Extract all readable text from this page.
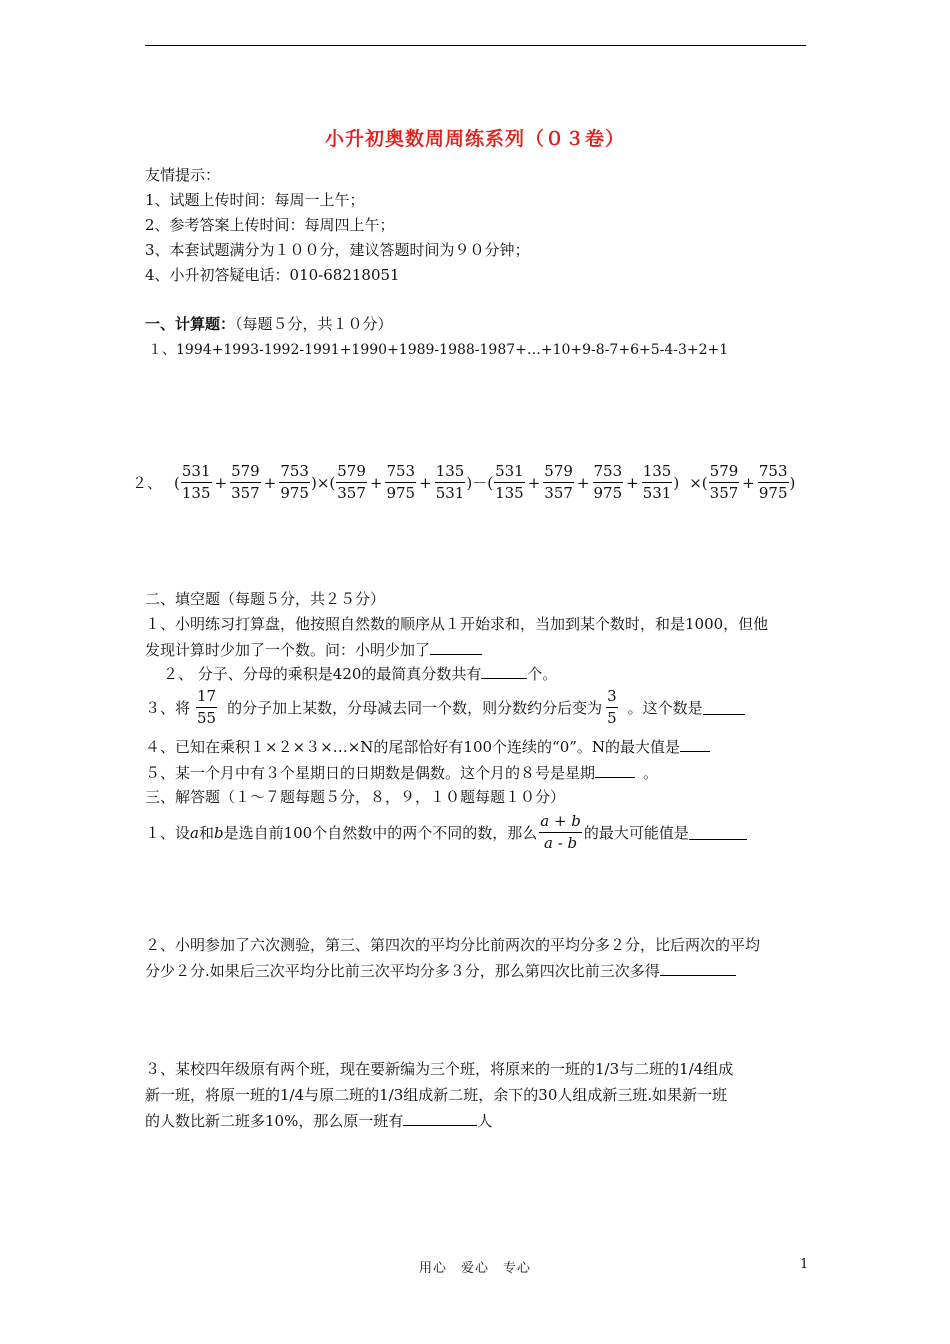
小升初奥数周周练系列（０３卷）
友情提示：
1、试题上传时间：每周一上午；
2、参考答案上传时间：每周四上午；
3、本套试题满分为１００分，建议答题时间为９０分钟；
4、小升初答疑电话：010-68218051
一、计算题：（每题５分，共１０分）
１、1994+1993-1992-1991+1990+1989-1988-1987+…+10+9-8-7+6+5-4-3+2+1
２、 ( $\frac{531}{135} + \frac{579}{357} + \frac{753}{975}$ ) × ( $\frac{579}{357} + \frac{753}{975} + \frac{135}{531}$ ) － ( $\frac{531}{135} + \frac{579}{357} + \frac{753}{975} + \frac{135}{531}$ ) × ( $\frac{579}{357} + \frac{753}{975}$ )
二、填空题（每题５分，共２５分）
１、小明练习打算盘，他按照自然数的顺序从１开始求和，当加到某个数时，和是1000，但他
发现计算时少加了一个数。问：小明少加了
２、 分子、分母的乘积是420的最简真分数共有	个。
３、将 $\frac{17}{55}$ 的分子加上某数，分母减去同一个数，则分数约分后变为 $\frac{3}{5}$ 。这个数是
４、已知在乘积１×２×３×…×N的尾部恰好有100个连续的“0”。N的最大值是
５、某一个月中有３个星期日的日期数是偶数。这个月的８号是星期	。
三、解答题（１～７题每题５分，８，９，１０题每题１０分）
１、设 a 和 b 是选自前100个自然数中的两个不同的数，那么 $\frac{a + b}{a - b}$ 的最大可能值是
２、小明参加了六次测验，第三、第四次的平均分比前两次的平均分多２分，比后两次的平均
分少２分.如果后三次平均分比前三次平均分多３分，那么第四次比前三次多得
３、某校四年级原有两个班，现在要新编为三个班，将原来的一班的1/3与二班的1/4组成
新一班，将原一班的1/4与原二班的1/3组成新二班，余下的30人组成新三班.如果新一班
的人数比新二班多10%，那么原一班有	人
用心　爱心　专心	1
